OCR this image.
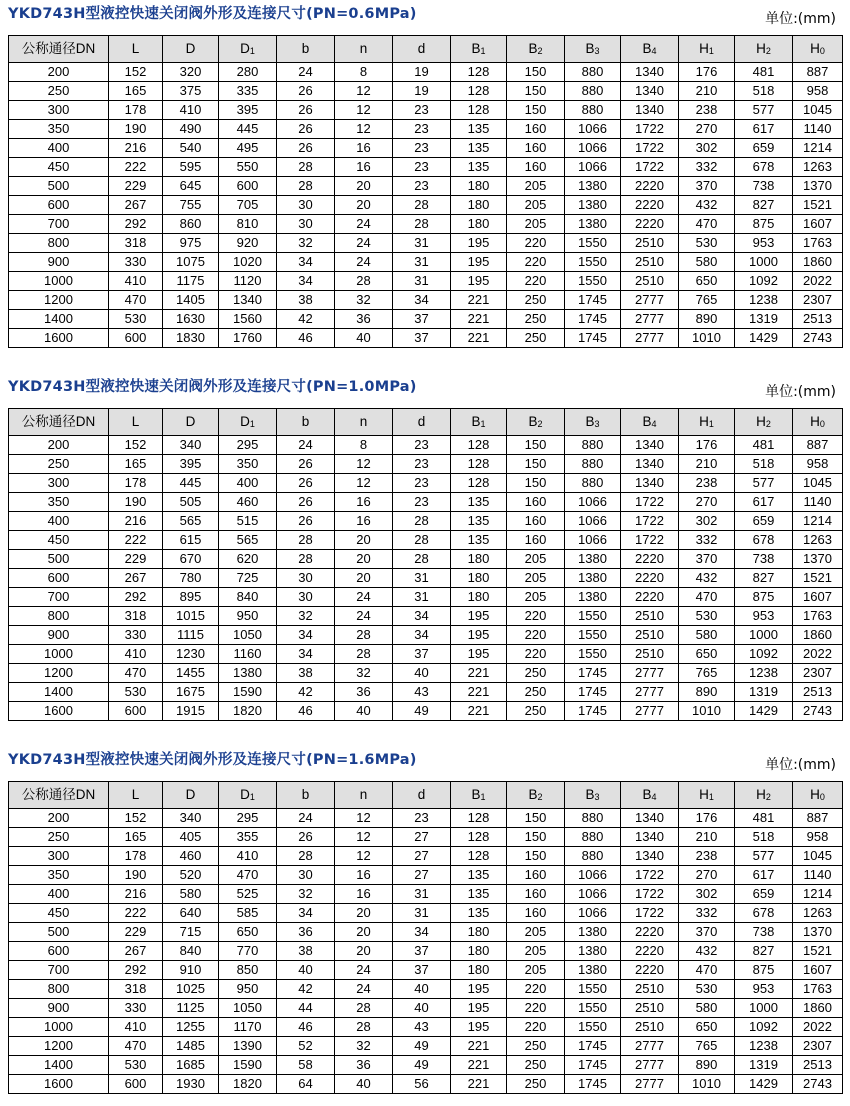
YKD743H型液控快速关闭阀外形及连接尺寸(PN=0.6MPa)	单位:(mm)
公称通径DN	L	D	$D_1$	b	n	d	$B_1$	$B_2$	$B_3$	$B_4$	$H_1$	$H_2$	$H_0$
200	152	320	280	24	8	19	128	150	880	1340	176	481	887
250	165	375	335	26	12	19	128	150	880	1340	210	518	958
300	178	410	395	26	12	23	128	150	880	1340	238	577	1045
350	190	490	445	26	12	23	135	160	1066	1722	270	617	1140
400	216	540	495	26	16	23	135	160	1066	1722	302	659	1214
450	222	595	550	28	16	23	135	160	1066	1722	332	678	1263
500	229	645	600	28	20	23	180	205	1380	2220	370	738	1370
600	267	755	705	30	20	28	180	205	1380	2220	432	827	1521
700	292	860	810	30	24	28	180	205	1380	2220	470	875	1607
800	318	975	920	32	24	31	195	220	1550	2510	530	953	1763
900	330	1075	1020	34	24	31	195	220	1550	2510	580	1000	1860
1000	410	1175	1120	34	28	31	195	220	1550	2510	650	1092	2022
1200	470	1405	1340	38	32	34	221	250	1745	2777	765	1238	2307
1400	530	1630	1560	42	36	37	221	250	1745	2777	890	1319	2513
1600	600	1830	1760	46	40	37	221	250	1745	2777	1010	1429	2743
YKD743H型液控快速关闭阀外形及连接尺寸(PN=1.0MPa)	单位:(mm)
公称通径DN	L	D	$D_1$	b	n	d	$B_1$	$B_2$	$B_3$	$B_4$	$H_1$	$H_2$	$H_0$
200	152	340	295	24	8	23	128	150	880	1340	176	481	887
250	165	395	350	26	12	23	128	150	880	1340	210	518	958
300	178	445	400	26	12	23	128	150	880	1340	238	577	1045
350	190	505	460	26	16	23	135	160	1066	1722	270	617	1140
400	216	565	515	26	16	28	135	160	1066	1722	302	659	1214
450	222	615	565	28	20	28	135	160	1066	1722	332	678	1263
500	229	670	620	28	20	28	180	205	1380	2220	370	738	1370
600	267	780	725	30	20	31	180	205	1380	2220	432	827	1521
700	292	895	840	30	24	31	180	205	1380	2220	470	875	1607
800	318	1015	950	32	24	34	195	220	1550	2510	530	953	1763
900	330	1115	1050	34	28	34	195	220	1550	2510	580	1000	1860
1000	410	1230	1160	34	28	37	195	220	1550	2510	650	1092	2022
1200	470	1455	1380	38	32	40	221	250	1745	2777	765	1238	2307
1400	530	1675	1590	42	36	43	221	250	1745	2777	890	1319	2513
1600	600	1915	1820	46	40	49	221	250	1745	2777	1010	1429	2743
YKD743H型液控快速关闭阀外形及连接尺寸(PN=1.6MPa)	单位:(mm)
公称通径DN	L	D	$D_1$	b	n	d	$B_1$	$B_2$	$B_3$	$B_4$	$H_1$	$H_2$	$H_0$
200	152	340	295	24	12	23	128	150	880	1340	176	481	887
250	165	405	355	26	12	27	128	150	880	1340	210	518	958
300	178	460	410	28	12	27	128	150	880	1340	238	577	1045
350	190	520	470	30	16	27	135	160	1066	1722	270	617	1140
400	216	580	525	32	16	31	135	160	1066	1722	302	659	1214
450	222	640	585	34	20	31	135	160	1066	1722	332	678	1263
500	229	715	650	36	20	34	180	205	1380	2220	370	738	1370
600	267	840	770	38	20	37	180	205	1380	2220	432	827	1521
700	292	910	850	40	24	37	180	205	1380	2220	470	875	1607
800	318	1025	950	42	24	40	195	220	1550	2510	530	953	1763
900	330	1125	1050	44	28	40	195	220	1550	2510	580	1000	1860
1000	410	1255	1170	46	28	43	195	220	1550	2510	650	1092	2022
1200	470	1485	1390	52	32	49	221	250	1745	2777	765	1238	2307
1400	530	1685	1590	58	36	49	221	250	1745	2777	890	1319	2513
1600	600	1930	1820	64	40	56	221	250	1745	2777	1010	1429	2743
